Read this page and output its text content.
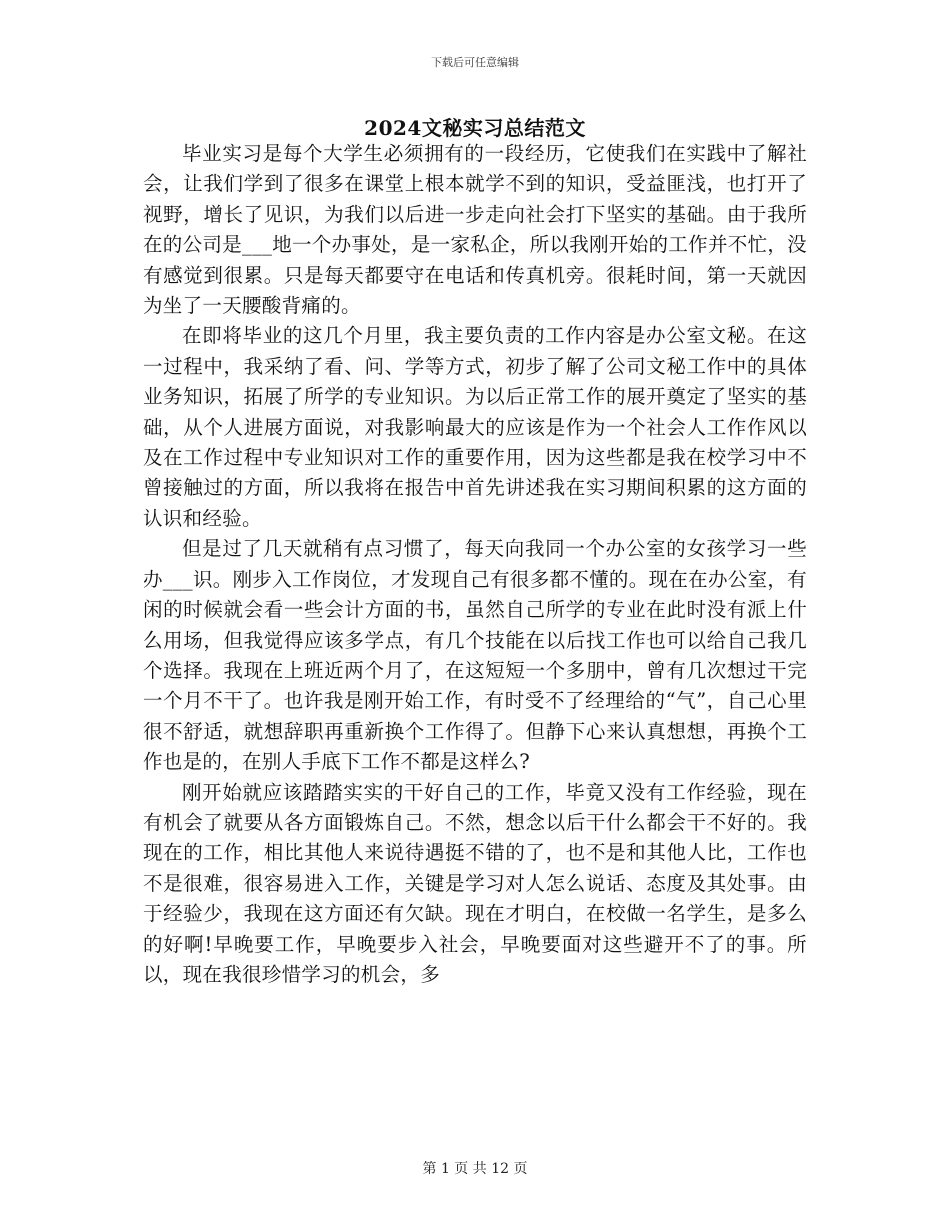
下载后可任意编辑
2024文秘实习总结范文

毕业实习是每个大学生必须拥有的一段经历，它使我们在实践中了解社会，让我们学到了很多在课堂上根本就学不到的知识，受益匪浅，也打开了视野，增长了见识，为我们以后进一步走向社会打下坚实的基础。由于我所在的公司是___地一个办事处，是一家私企，所以我刚开始的工作并不忙，没有感觉到很累。只是每天都要守在电话和传真机旁。很耗时间，第一天就因为坐了一天腰酸背痛的。

在即将毕业的这几个月里，我主要负责的工作内容是办公室文秘。在这一过程中，我采纳了看、问、学等方式，初步了解了公司文秘工作中的具体业务知识，拓展了所学的专业知识。为以后正常工作的展开奠定了坚实的基础，从个人进展方面说，对我影响最大的应该是作为一个社会人工作作风以及在工作过程中专业知识对工作的重要作用，因为这些都是我在校学习中不曾接触过的方面，所以我将在报告中首先讲述我在实习期间积累的这方面的认识和经验。

但是过了几天就稍有点习惯了，每天向我同一个办公室的女孩学习一些办___识。刚步入工作岗位，才发现自己有很多都不懂的。现在在办公室，有闲的时候就会看一些会计方面的书，虽然自己所学的专业在此时没有派上什么用场，但我觉得应该多学点，有几个技能在以后找工作也可以给自己我几个选择。我现在上班近两个月了，在这短短一个多朋中，曾有几次想过干完一个月不干了。也许我是刚开始工作，有时受不了经理给的“气”，自己心里很不舒适，就想辞职再重新换个工作得了。但静下心来认真想想，再换个工作也是的，在别人手底下工作不都是这样么?

刚开始就应该踏踏实实的干好自己的工作，毕竟又没有工作经验，现在有机会了就要从各方面锻炼自己。不然，想念以后干什么都会干不好的。我现在的工作，相比其他人来说待遇挺不错的了，也不是和其他人比，工作也不是很难，很容易进入工作，关键是学习对人怎么说话、态度及其处事。由于经验少，我现在这方面还有欠缺。现在才明白，在校做一名学生，是多么的好啊!早晚要工作，早晚要步入社会，早晚要面对这些避开不了的事。所以，现在我很珍惜学习的机会，多

第 1 页 共 12 页
